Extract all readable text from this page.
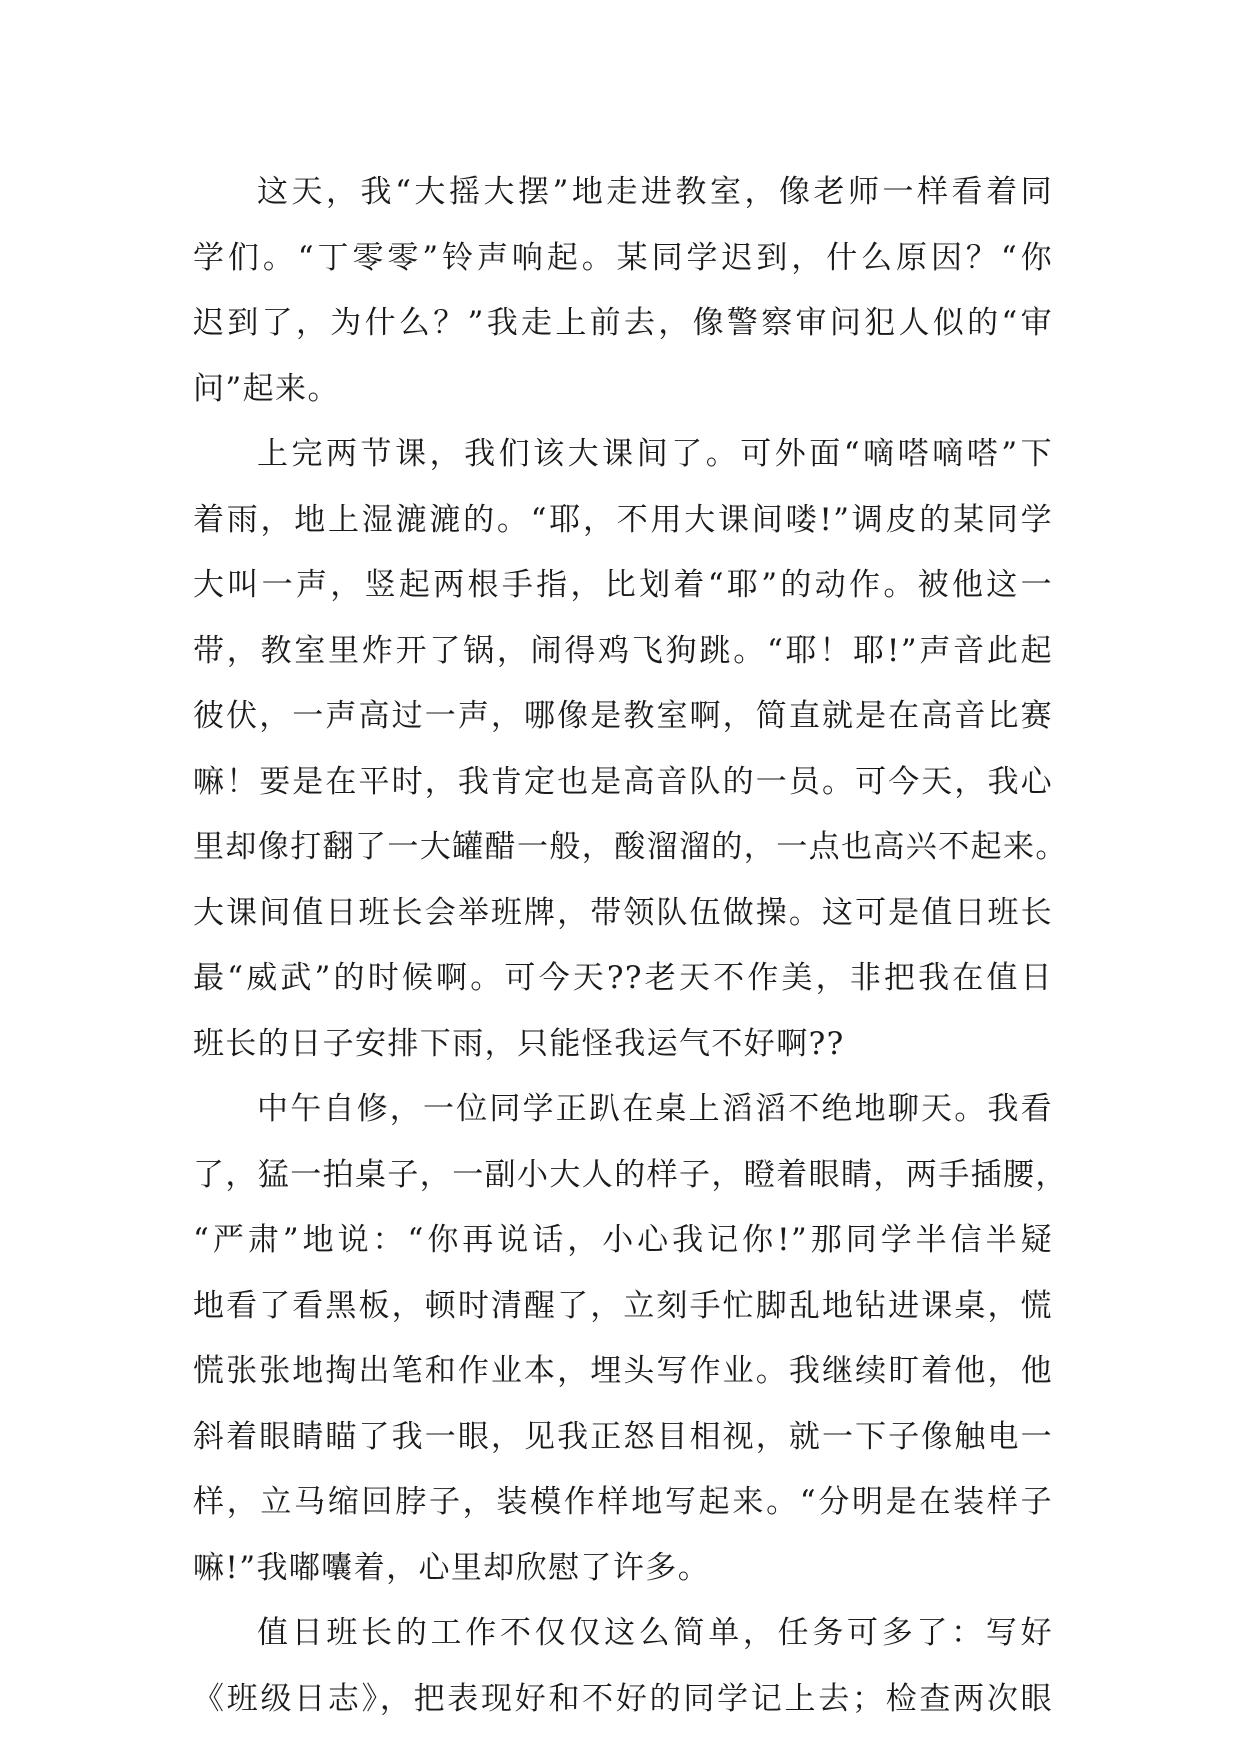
这天，我“大摇大摆”地走进教室，像老师一样看着同
学们。“丁零零”铃声响起。某同学迟到，什么原因？“你
迟到了，为什么？”我走上前去，像警察审问犯人似的“审
问”起来。
上完两节课，我们该大课间了。可外面“嘀嗒嘀嗒”下
着雨，地上湿漉漉的。“耶，不用大课间喽!”调皮的某同学
大叫一声，竖起两根手指，比划着“耶”的动作。被他这一
带，教室里炸开了锅，闹得鸡飞狗跳。“耶！耶!”声音此起
彼伏，一声高过一声，哪像是教室啊，简直就是在高音比赛
嘛！要是在平时，我肯定也是高音队的一员。可今天，我心
里却像打翻了一大罐醋一般，酸溜溜的，一点也高兴不起来。
大课间值日班长会举班牌，带领队伍做操。这可是值日班长
最“威武”的时候啊。可今天??老天不作美，非把我在值日
班长的日子安排下雨，只能怪我运气不好啊??
中午自修，一位同学正趴在桌上滔滔不绝地聊天。我看
了，猛一拍桌子，一副小大人的样子，瞪着眼睛，两手插腰，
“严肃”地说：“你再说话，小心我记你!”那同学半信半疑
地看了看黑板，顿时清醒了，立刻手忙脚乱地钻进课桌，慌
慌张张地掏出笔和作业本，埋头写作业。我继续盯着他，他
斜着眼睛瞄了我一眼，见我正怒目相视，就一下子像触电一
样，立马缩回脖子，装模作样地写起来。“分明是在装样子
嘛!”我嘟囔着，心里却欣慰了许多。
值日班长的工作不仅仅这么简单，任务可多了：写好
《班级日志》，把表现好和不好的同学记上去；检查两次眼
